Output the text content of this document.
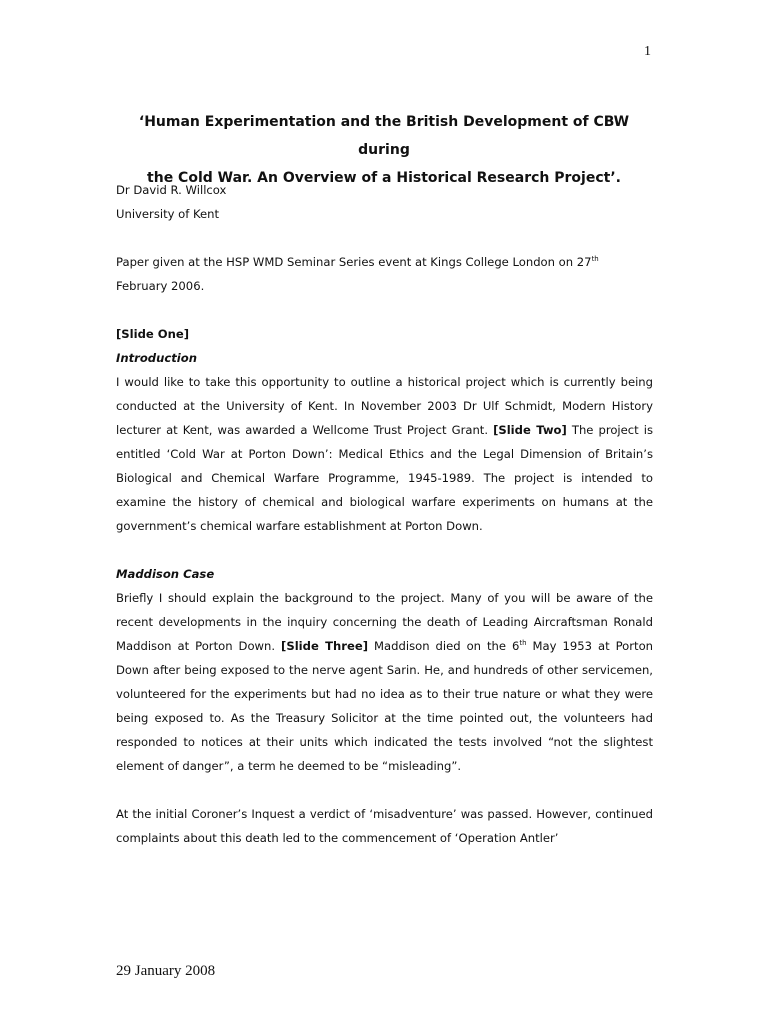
1
‘Human Experimentation and the British Development of CBW during
the Cold War. An Overview of a Historical Research Project’.

Dr David R. Willcox

University of Kent

Paper given at the HSP WMD Seminar Series event at Kings College London on 27th
February 2006.

[Slide One]

Introduction

I would like to take this opportunity to outline a historical project which is currently being conducted at the University of Kent. In November 2003 Dr Ulf Schmidt, Modern History lecturer at Kent, was awarded a Wellcome Trust Project Grant. [Slide Two] The project is entitled ‘Cold War at Porton Down’: Medical Ethics and the Legal Dimension of Britain’s Biological and Chemical Warfare Programme, 1945-1989. The project is intended to examine the history of chemical and biological warfare experiments on humans at the government’s chemical warfare establishment at Porton Down.

Maddison Case

Briefly I should explain the background to the project. Many of you will be aware of the recent developments in the inquiry concerning the death of Leading Aircraftsman Ronald Maddison at Porton Down. [Slide Three] Maddison died on the 6th May 1953 at Porton Down after being exposed to the nerve agent Sarin. He, and hundreds of other servicemen, volunteered for the experiments but had no idea as to their true nature or what they were being exposed to. As the Treasury Solicitor at the time pointed out, the volunteers had responded to notices at their units which indicated the tests involved “not the slightest element of danger”, a term he deemed to be “misleading”.

At the initial Coroner’s Inquest a verdict of ‘misadventure’ was passed. However, continued complaints about this death led to the commencement of ‘Operation Antler’

29 January 2008
